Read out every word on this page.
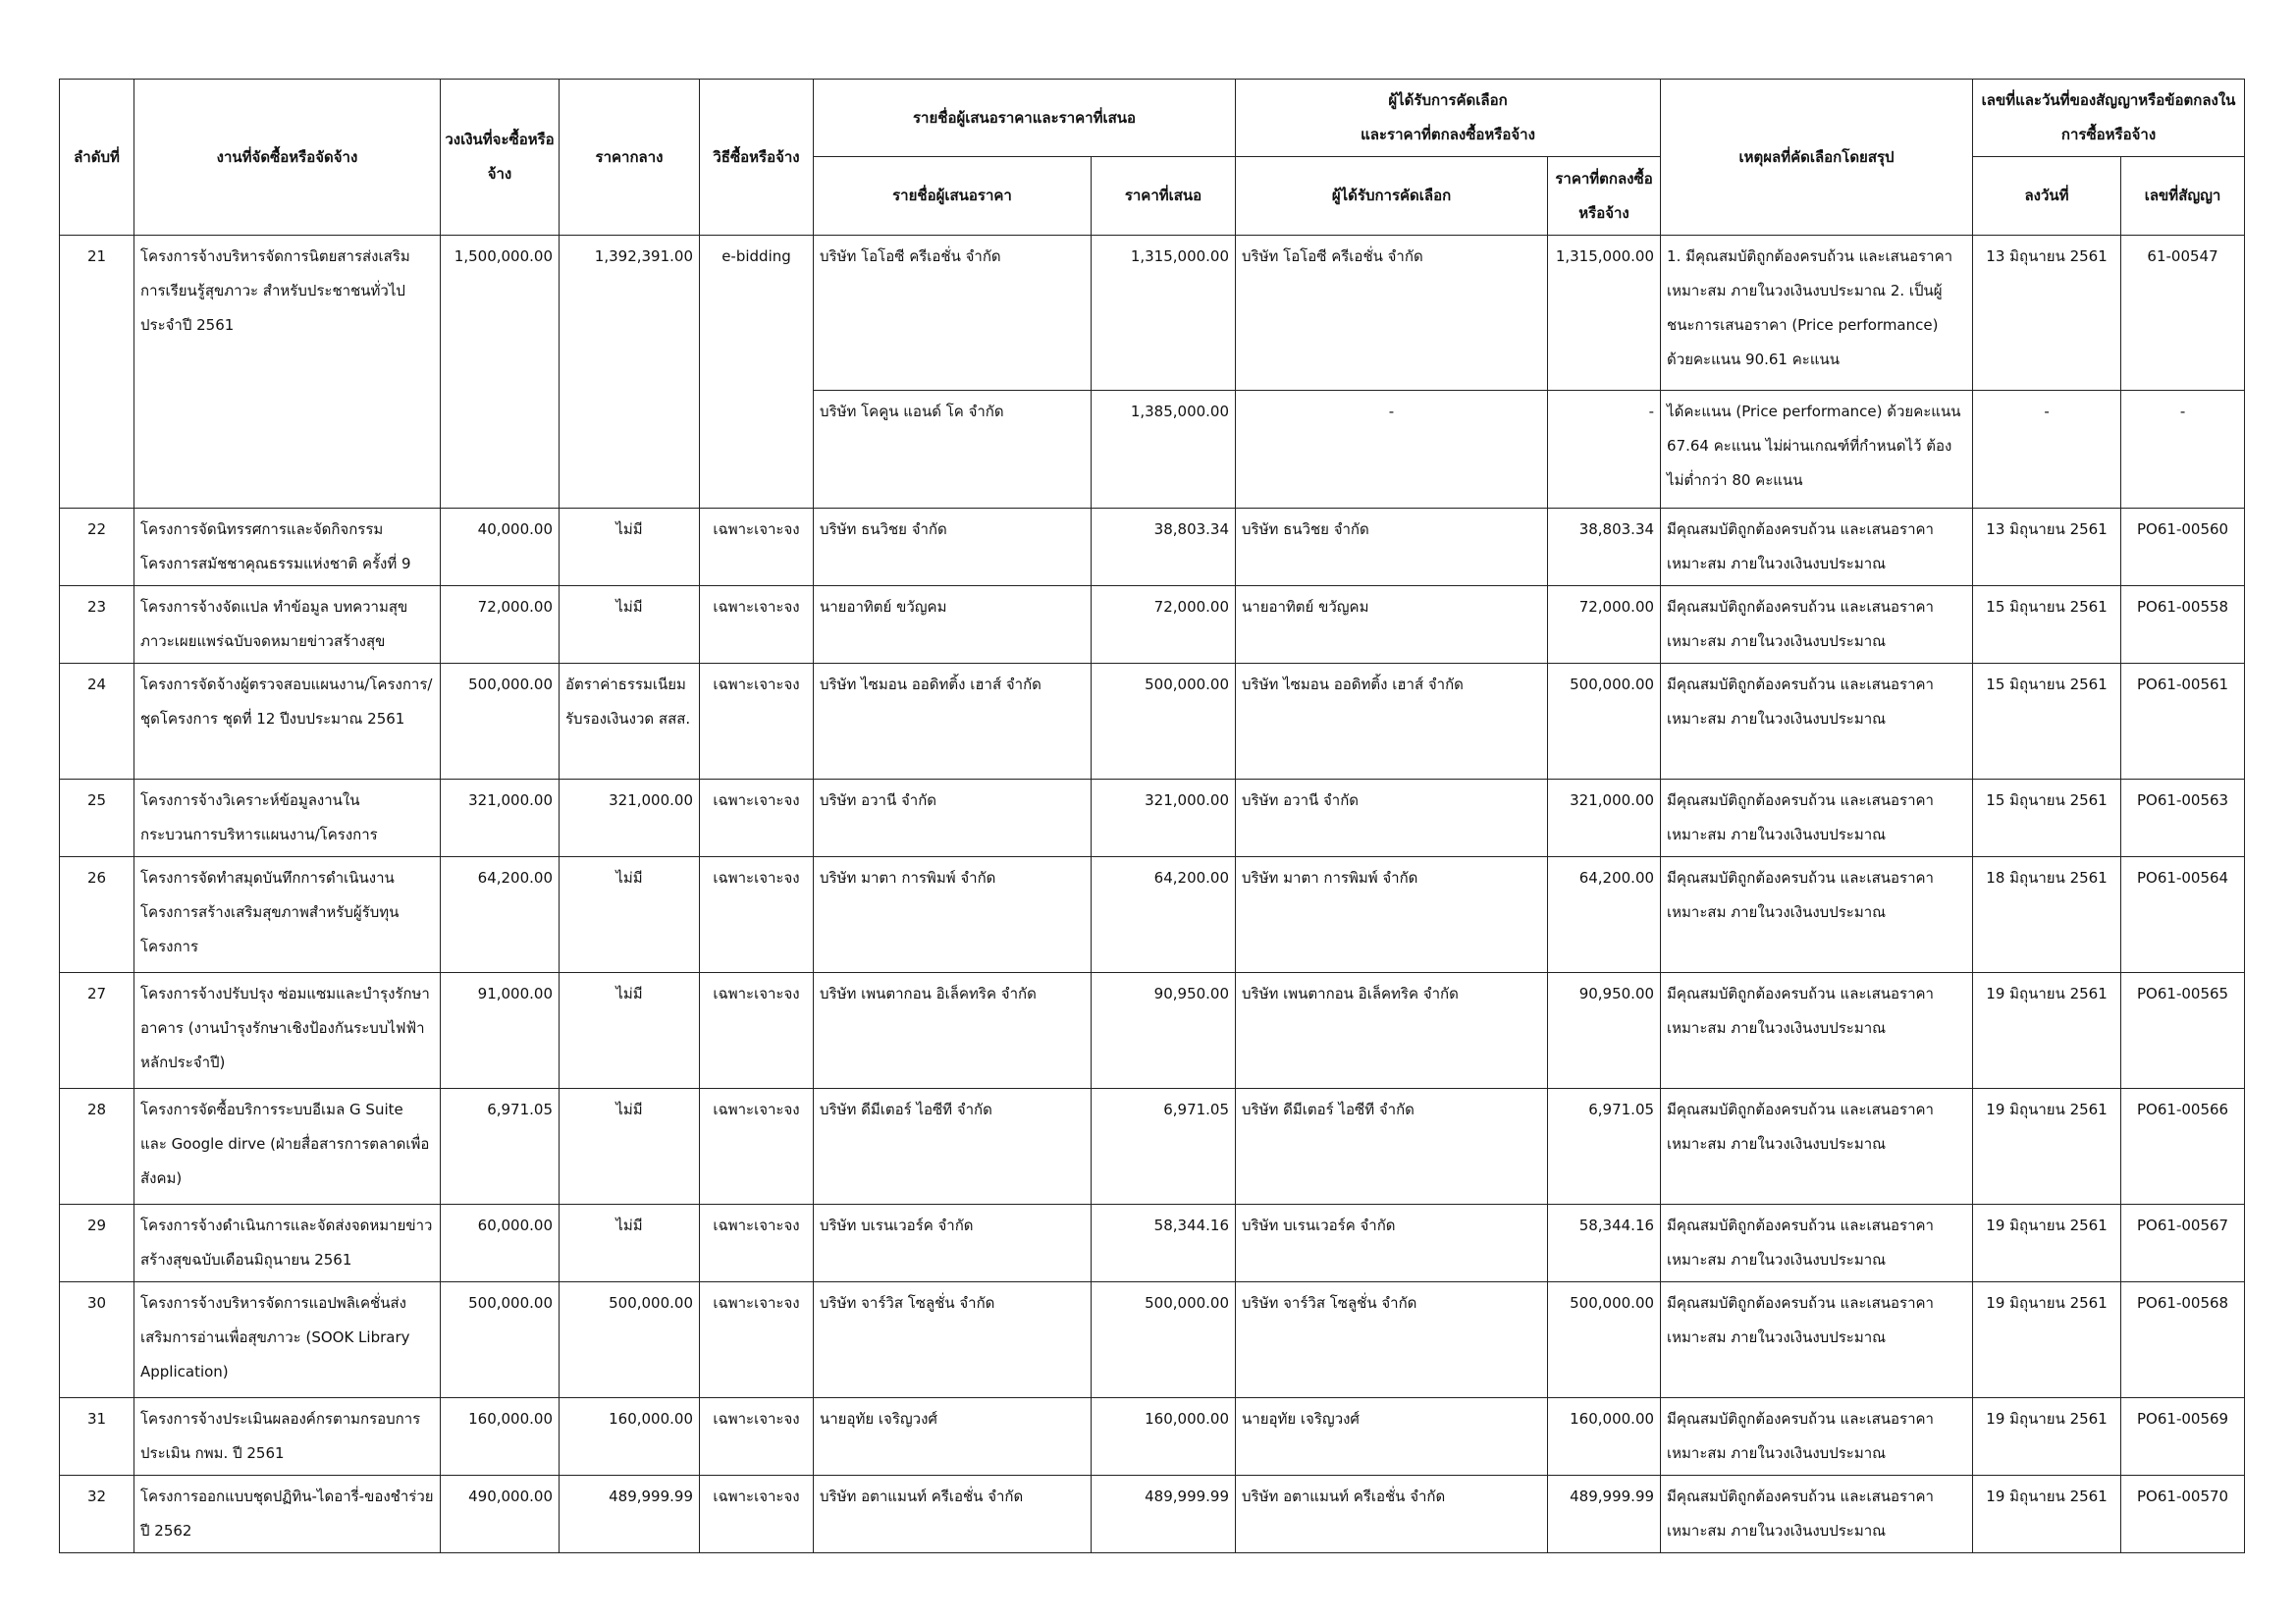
ลำดับที่	งานที่จัดซื้อหรือจัดจ้าง	วงเงินที่จะซื้อหรือจ้าง	ราคากลาง	วิธีซื้อหรือจ้าง	รายชื่อผู้เสนอราคาและราคาที่เสนอ		ผู้ได้รับการคัดเลือก
และราคาที่ตกลงซื้อหรือจ้าง		เหตุผลที่คัดเลือกโดยสรุป	เลขที่และวันที่ของสัญญาหรือข้อตกลงในการซื้อหรือจ้าง	
					รายชื่อผู้เสนอราคา	ราคาที่เสนอ	ผู้ได้รับการคัดเลือก	ราคาที่ตกลงซื้อหรือจ้าง		ลงวันที่	เลขที่สัญญา
21	โครงการจ้างบริหารจัดการนิตยสารส่งเสริมการเรียนรู้สุขภาวะ สำหรับประชาชนทั่วไป ประจำปี 2561	1,500,000.00	1,392,391.00	e-bidding	บริษัท โอโอซี ครีเอชั่น จำกัด	1,315,000.00	บริษัท โอโอซี ครีเอชั่น จำกัด	1,315,000.00	1. มีคุณสมบัติถูกต้องครบถ้วน และเสนอราคาเหมาะสม ภายในวงเงินงบประมาณ 2. เป็นผู้ชนะการเสนอราคา (Price performance) ด้วยคะแนน 90.61 คะแนน	13 มิถุนายน 2561	61-00547
					บริษัท โคคูน แอนด์ โค จำกัด	1,385,000.00	-	-	ได้คะแนน (Price performance) ด้วยคะแนน 67.64 คะแนน ไม่ผ่านเกณฑ์ที่กำหนดไว้ ต้องไม่ต่ำกว่า 80 คะแนน	-	-
22	โครงการจัดนิทรรศการและจัดกิจกรรม โครงการสมัชชาคุณธรรมแห่งชาติ ครั้งที่ 9	40,000.00	ไม่มี	เฉพาะเจาะจง	บริษัท ธนวิชย จำกัด	38,803.34	บริษัท ธนวิชย จำกัด	38,803.34	มีคุณสมบัติถูกต้องครบถ้วน และเสนอราคาเหมาะสม ภายในวงเงินงบประมาณ	13 มิถุนายน 2561	PO61-00560
23	โครงการจ้างจัดแปล ทำข้อมูล บทความสุขภาวะเผยแพร่ฉบับจดหมายข่าวสร้างสุข	72,000.00	ไม่มี	เฉพาะเจาะจง	นายอาทิตย์ ขวัญคม	72,000.00	นายอาทิตย์ ขวัญคม	72,000.00	มีคุณสมบัติถูกต้องครบถ้วน และเสนอราคาเหมาะสม ภายในวงเงินงบประมาณ	15 มิถุนายน 2561	PO61-00558
24	โครงการจัดจ้างผู้ตรวจสอบแผนงาน/โครงการ/ชุดโครงการ ชุดที่ 12 ปีงบประมาณ 2561	500,000.00	อัตราค่าธรรมเนียมรับรองเงินงวด สสส.	เฉพาะเจาะจง	บริษัท ไซมอน ออดิทติ้ง เฮาส์ จำกัด	500,000.00	บริษัท ไซมอน ออดิทติ้ง เฮาส์ จำกัด	500,000.00	มีคุณสมบัติถูกต้องครบถ้วน และเสนอราคาเหมาะสม ภายในวงเงินงบประมาณ	15 มิถุนายน 2561	PO61-00561
25	โครงการจ้างวิเคราะห์ข้อมูลงานในกระบวนการบริหารแผนงาน/โครงการ	321,000.00	321,000.00	เฉพาะเจาะจง	บริษัท อวานี จำกัด	321,000.00	บริษัท อวานี จำกัด	321,000.00	มีคุณสมบัติถูกต้องครบถ้วน และเสนอราคาเหมาะสม ภายในวงเงินงบประมาณ	15 มิถุนายน 2561	PO61-00563
26	โครงการจัดทำสมุดบันทึกการดำเนินงาน โครงการสร้างเสริมสุขภาพสำหรับผู้รับทุนโครงการ	64,200.00	ไม่มี	เฉพาะเจาะจง	บริษัท มาตา การพิมพ์ จำกัด	64,200.00	บริษัท มาตา การพิมพ์ จำกัด	64,200.00	มีคุณสมบัติถูกต้องครบถ้วน และเสนอราคาเหมาะสม ภายในวงเงินงบประมาณ	18 มิถุนายน 2561	PO61-00564
27	โครงการจ้างปรับปรุง ซ่อมแซมและบำรุงรักษาอาคาร (งานบำรุงรักษาเชิงป้องกันระบบไฟฟ้าหลักประจำปี)	91,000.00	ไม่มี	เฉพาะเจาะจง	บริษัท เพนตากอน อิเล็คทริค จำกัด	90,950.00	บริษัท เพนตากอน อิเล็คทริค จำกัด	90,950.00	มีคุณสมบัติถูกต้องครบถ้วน และเสนอราคาเหมาะสม ภายในวงเงินงบประมาณ	19 มิถุนายน 2561	PO61-00565
28	โครงการจัดซื้อบริการระบบอีเมล G Suite และ Google dirve (ฝ่ายสื่อสารการตลาดเพื่อสังคม)	6,971.05	ไม่มี	เฉพาะเจาะจง	บริษัท ดีมีเตอร์ ไอซีที จำกัด	6,971.05	บริษัท ดีมีเตอร์ ไอซีที จำกัด	6,971.05	มีคุณสมบัติถูกต้องครบถ้วน และเสนอราคาเหมาะสม ภายในวงเงินงบประมาณ	19 มิถุนายน 2561	PO61-00566
29	โครงการจ้างดำเนินการและจัดส่งจดหมายข่าวสร้างสุขฉบับเดือนมิถุนายน 2561	60,000.00	ไม่มี	เฉพาะเจาะจง	บริษัท บเรนเวอร์ค จำกัด	58,344.16	บริษัท บเรนเวอร์ค จำกัด	58,344.16	มีคุณสมบัติถูกต้องครบถ้วน และเสนอราคาเหมาะสม ภายในวงเงินงบประมาณ	19 มิถุนายน 2561	PO61-00567
30	โครงการจ้างบริหารจัดการแอปพลิเคชั่นส่งเสริมการอ่านเพื่อสุขภาวะ (SOOK Library Application)	500,000.00	500,000.00	เฉพาะเจาะจง	บริษัท จาร์วิส โซลูชั่น จำกัด	500,000.00	บริษัท จาร์วิส โซลูชั่น จำกัด	500,000.00	มีคุณสมบัติถูกต้องครบถ้วน และเสนอราคาเหมาะสม ภายในวงเงินงบประมาณ	19 มิถุนายน 2561	PO61-00568
31	โครงการจ้างประเมินผลองค์กรตามกรอบการประเมิน กพม. ปี 2561	160,000.00	160,000.00	เฉพาะเจาะจง	นายอุทัย เจริญวงศ์	160,000.00	นายอุทัย เจริญวงศ์	160,000.00	มีคุณสมบัติถูกต้องครบถ้วน และเสนอราคาเหมาะสม ภายในวงเงินงบประมาณ	19 มิถุนายน 2561	PO61-00569
32	โครงการออกแบบชุดปฏิทิน-ไดอารี่-ของชำร่วย ปี 2562	490,000.00	489,999.99	เฉพาะเจาะจง	บริษัท อตาแมนท์ ครีเอชั่น จำกัด	489,999.99	บริษัท อตาแมนท์ ครีเอชั่น จำกัด	489,999.99	มีคุณสมบัติถูกต้องครบถ้วน และเสนอราคาเหมาะสม ภายในวงเงินงบประมาณ	19 มิถุนายน 2561	PO61-00570
